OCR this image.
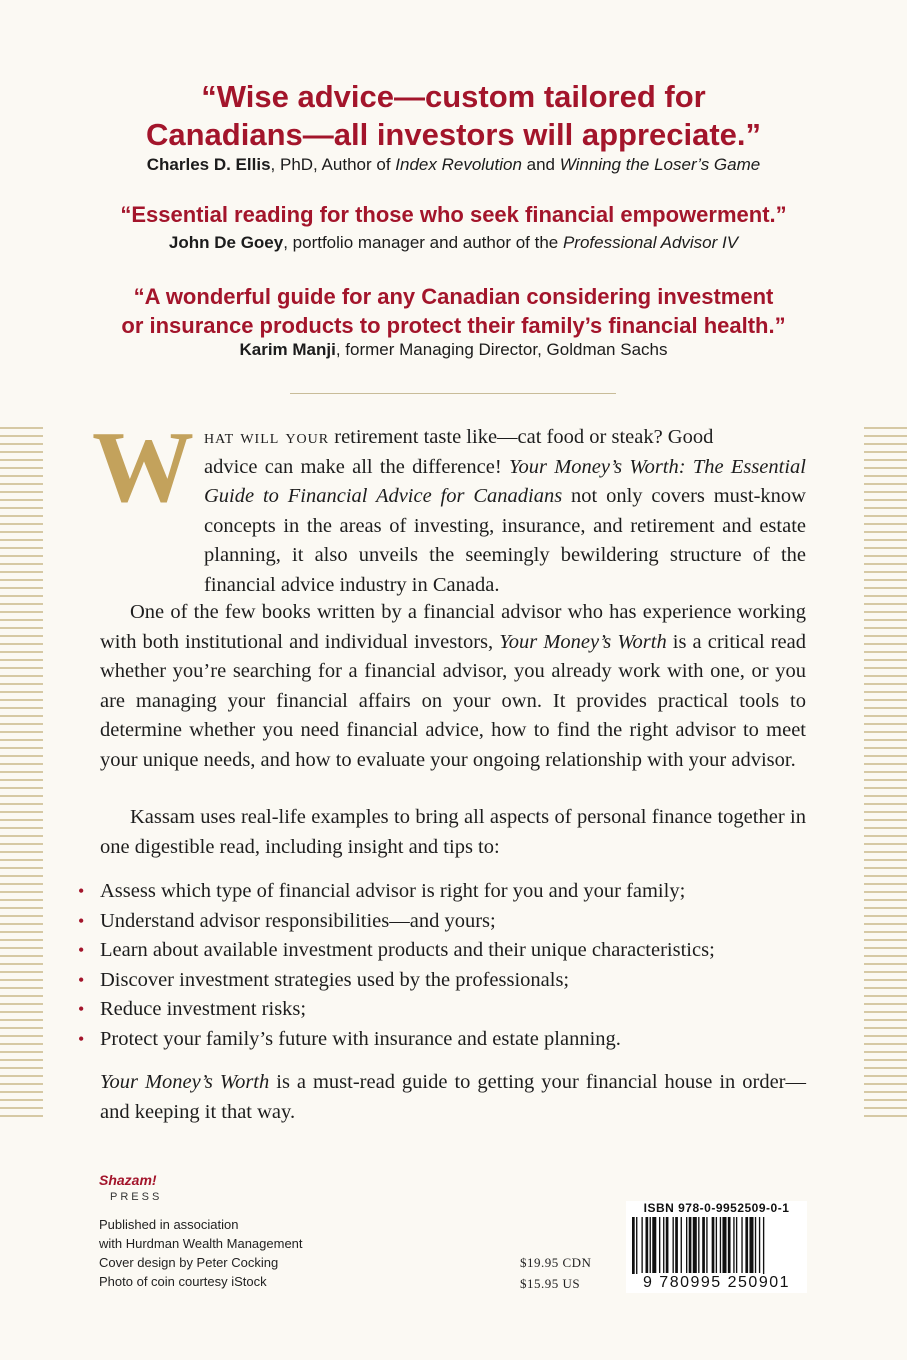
“Wise advice—custom tailored for
Canadians—all investors will appreciate.”
Charles D. Ellis, PhD, Author of Index Revolution and Winning the Loser’s Game
“Essential reading for those who seek financial empowerment.”
John De Goey, portfolio manager and author of the Professional Advisor IV
“A wonderful guide for any Canadian considering investment
or insurance products to protect their family’s financial health.”
Karim Manji, former Managing Director, Goldman Sachs
W hat will your retirement taste like—cat food or steak? Good
advice can make all the difference! Your Money’s Worth: The Essential Guide to Financial Advice for Canadians not only covers must-know concepts in the areas of investing, insurance, and retirement and estate planning, it also unveils the seemingly bewildering structure of the financial advice industry in Canada.

One of the few books written by a financial advisor who has experience working with both institutional and individual investors, Your Money’s Worth is a critical read whether you’re searching for a financial advisor, you already work with one, or you are managing your financial affairs on your own. It provides practical tools to determine whether you need financial advice, how to find the right advisor to meet your unique needs, and how to evaluate your ongoing relationship with your advisor.

Kassam uses real-life examples to bring all aspects of personal finance together in one digestible read, including insight and tips to:

• Assess which type of financial advisor is right for you and your family;
• Understand advisor responsibilities—and yours;
• Learn about available investment products and their unique characteristics;
• Discover investment strategies used by the professionals;
• Reduce investment risks;
• Protect your family’s future with insurance and estate planning.

Your Money’s Worth is a must-read guide to getting your financial house in order—and keeping it that way.

Shazam!
PRESS
Published in association
with Hurdman Wealth Management
Cover design by Peter Cocking
Photo of coin courtesy iStock
$19.95 CDN
$15.95 US
ISBN 978-0-9952509-0-1
9 780995 250901
